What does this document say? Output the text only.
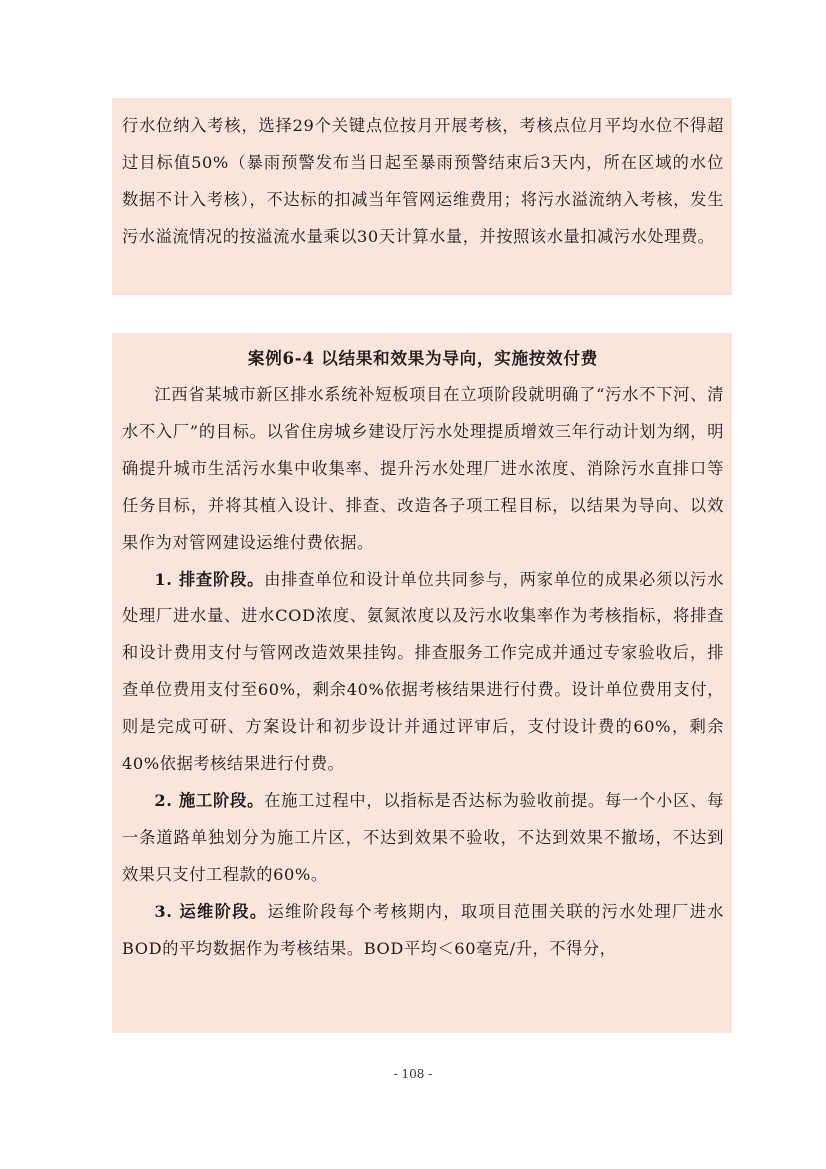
行水位纳入考核，选择29个关键点位按月开展考核，考核点位月平均水位不得超过目标值50%（暴雨预警发布当日起至暴雨预警结束后3天内，所在区域的水位数据不计入考核），不达标的扣减当年管网运维费用；将污水溢流纳入考核，发生污水溢流情况的按溢流水量乘以30天计算水量，并按照该水量扣减污水处理费。

案例6-4 以结果和效果为导向，实施按效付费

江西省某城市新区排水系统补短板项目在立项阶段就明确了“污水不下河、清水不入厂”的目标。以省住房城乡建设厅污水处理提质增效三年行动计划为纲，明确提升城市生活污水集中收集率、提升污水处理厂进水浓度、消除污水直排口等任务目标，并将其植入设计、排查、改造各子项工程目标，以结果为导向、以效果作为对管网建设运维付费依据。

1. 排查阶段。由排查单位和设计单位共同参与，两家单位的成果必须以污水处理厂进水量、进水COD浓度、氨氮浓度以及污水收集率作为考核指标，将排查和设计费用支付与管网改造效果挂钩。排查服务工作完成并通过专家验收后，排查单位费用支付至60%，剩余40%依据考核结果进行付费。设计单位费用支付，则是完成可研、方案设计和初步设计并通过评审后，支付设计费的60%，剩余40%依据考核结果进行付费。

2. 施工阶段。在施工过程中，以指标是否达标为验收前提。每一个小区、每一条道路单独划分为施工片区，不达到效果不验收，不达到效果不撤场，不达到效果只支付工程款的60%。

3. 运维阶段。运维阶段每个考核期内，取项目范围关联的污水处理厂进水BOD的平均数据作为考核结果。BOD平均＜60毫克/升，不得分，

- 108 -
